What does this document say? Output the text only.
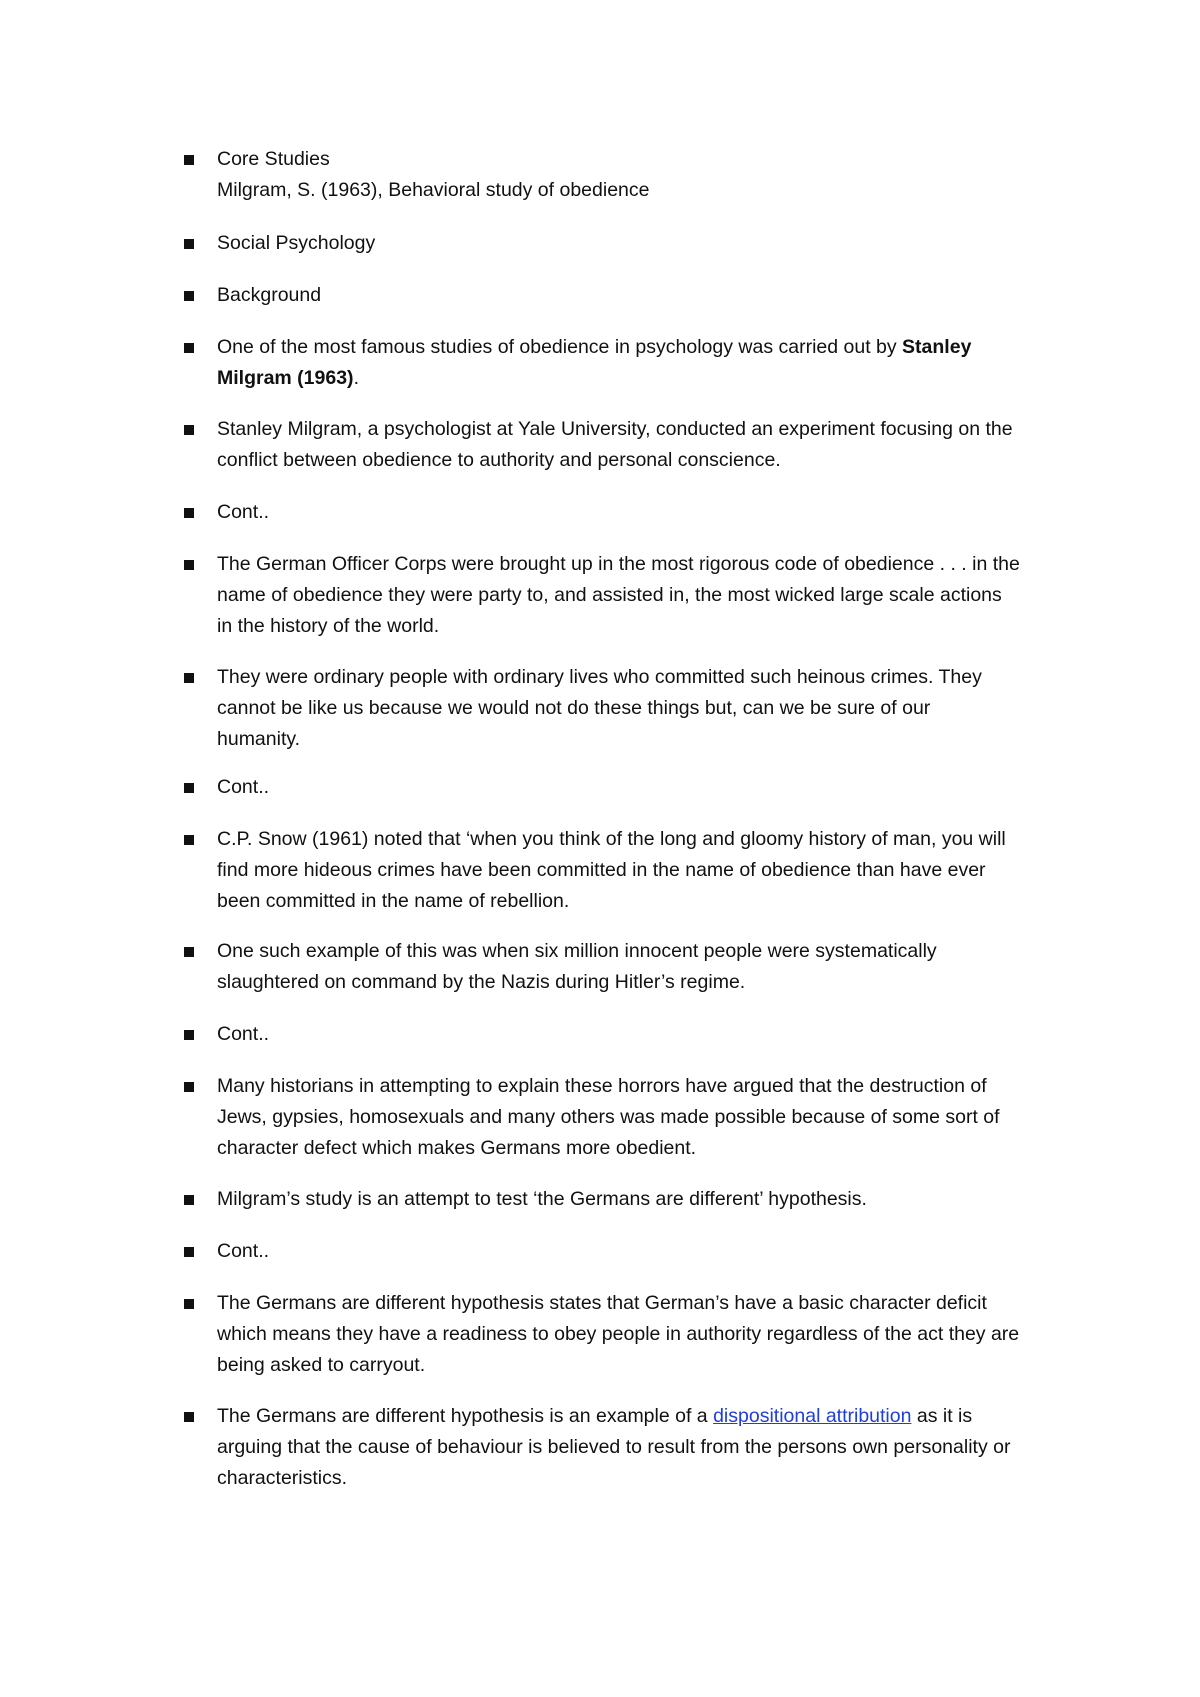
Core Studies
Milgram, S. (1963), Behavioral study of obedience
Social Psychology
Background
One of the most famous studies of obedience in psychology was carried out by Stanley
Milgram (1963).
Stanley Milgram, a psychologist at Yale University, conducted an experiment focusing on the
conflict between obedience to authority and personal conscience.
Cont..
The German Officer Corps were brought up in the most rigorous code of obedience . . . in the
name of obedience they were party to, and assisted in, the most wicked large scale actions
in the history of the world.
They were ordinary people with ordinary lives who committed such heinous crimes. They
cannot be like us because we would not do these things but, can we be sure of our
humanity.
Cont..
C.P. Snow (1961) noted that ‘when you think of the long and gloomy history of man, you will
find more hideous crimes have been committed in the name of obedience than have ever
been committed in the name of rebellion.
One such example of this was when six million innocent people were systematically
slaughtered on command by the Nazis during Hitler’s regime.
Cont..
Many historians in attempting to explain these horrors have argued that the destruction of
Jews, gypsies, homosexuals and many others was made possible because of some sort of
character defect which makes Germans more obedient.
Milgram’s study is an attempt to test ‘the Germans are different’ hypothesis.
Cont..
The Germans are different hypothesis states that German’s have a basic character deficit
which means they have a readiness to obey people in authority regardless of the act they are
being asked to carryout.
The Germans are different hypothesis is an example of a dispositional attribution as it is
arguing that the cause of behaviour is believed to result from the persons own personality or
characteristics.
